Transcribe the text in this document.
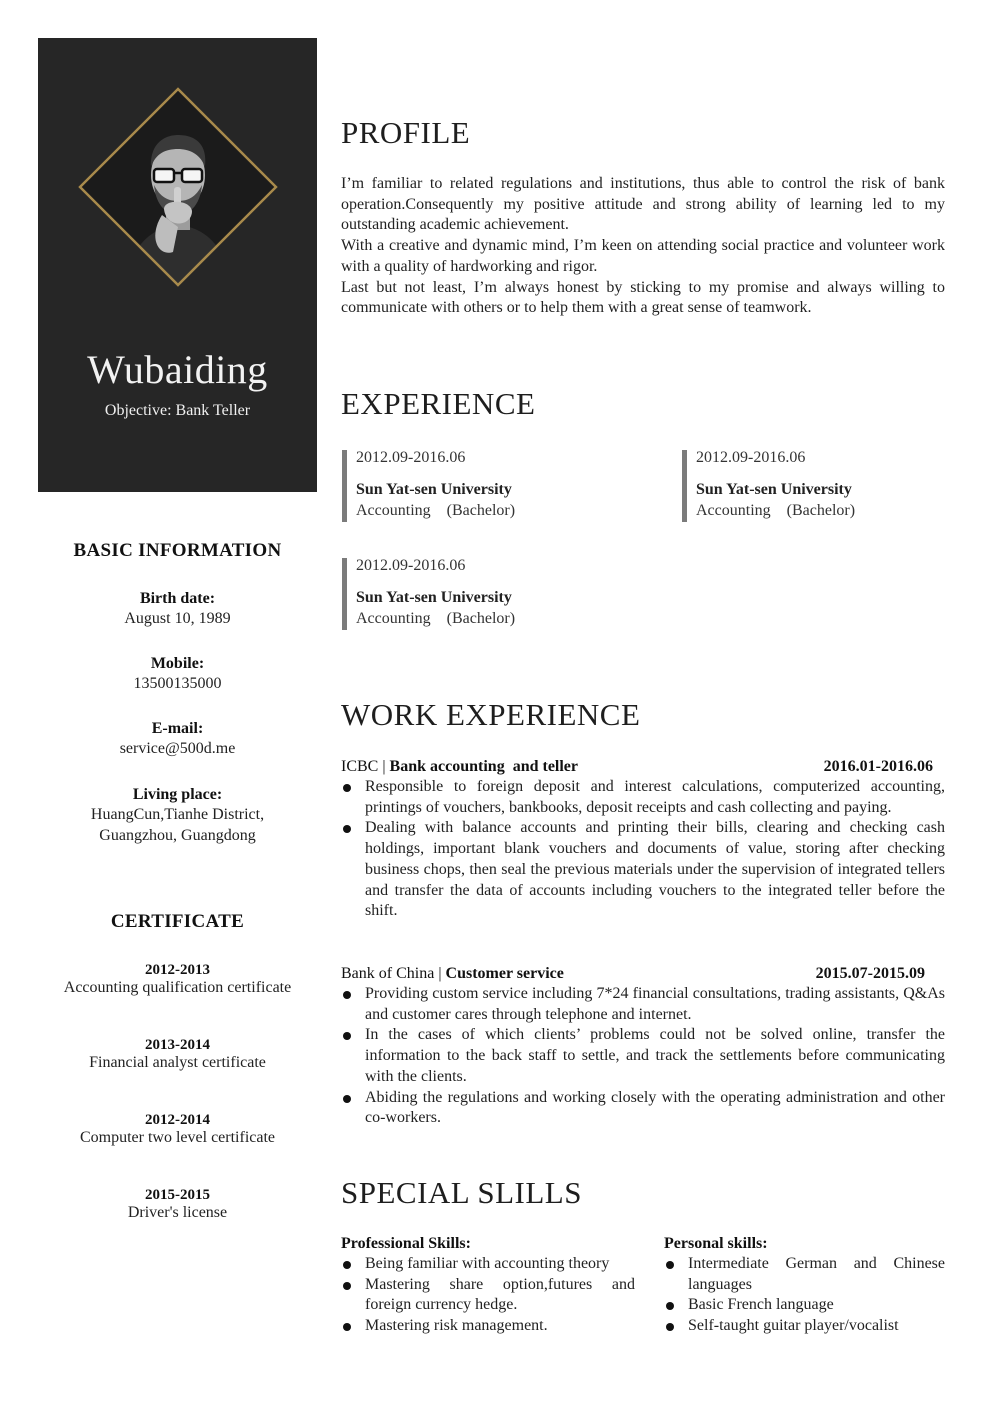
Wubaiding
Objective: Bank Teller
BASIC INFORMATION
Birth date:
August 10, 1989
Mobile:
13500135000
E-mail:
service@500d.me
Living place:
HuangCun,Tianhe District,
Guangzhou, Guangdong
CERTIFICATE
2012-2013
Accounting qualification certificate
2013-2014
Financial analyst certificate
2012-2014
Computer two level certificate
2015-2015
Driver's license
PROFILE

I’m familiar to related regulations and institutions, thus able to control the risk of bank operation.Consequently my positive attitude and strong ability of learning led to my outstanding academic achievement.

With a creative and dynamic mind, I’m keen on attending social practice and volunteer work with a quality of hardworking and rigor.

Last but not least, I’m always honest by sticking to my promise and always willing to communicate with others or to help them with a great sense of teamwork.

EXPERIENCE
2012.09-2016.06
Sun Yat-sen University
Accounting    (Bachelor)
2012.09-2016.06
Sun Yat-sen University
Accounting    (Bachelor)
2012.09-2016.06
Sun Yat-sen University
Accounting    (Bachelor)
WORK EXPERIENCE
ICBC | Bank accounting  and teller	2016.01-2016.06
Responsible to foreign deposit and interest calculations, computerized accounting, printings of vouchers, bankbooks, deposit receipts and cash collecting and paying.
Dealing with balance accounts and printing their bills, clearing and checking cash holdings, important blank vouchers and documents of value, storing after checking business chops, then seal the previous materials under the supervision of integrated tellers and transfer the data of accounts including vouchers to the integrated teller before the shift.
Bank of China | Customer service	2015.07-2015.09
Providing custom service including 7*24 financial consultations, trading assistants, Q&As and customer cares through telephone and internet.
In the cases of which clients’ problems could not be solved online, transfer the information to the back staff to settle, and track the settlements before communicating with the clients.
Abiding the regulations and working closely with the operating administration and other co-workers.
SPECIAL SLILLS
Professional Skills:
Being familiar with accounting theory
Mastering share option,futures and foreign currency hedge.
Mastering risk management.
Personal skills:
Intermediate German and Chinese languages
Basic French language
Self-taught guitar player/vocalist
